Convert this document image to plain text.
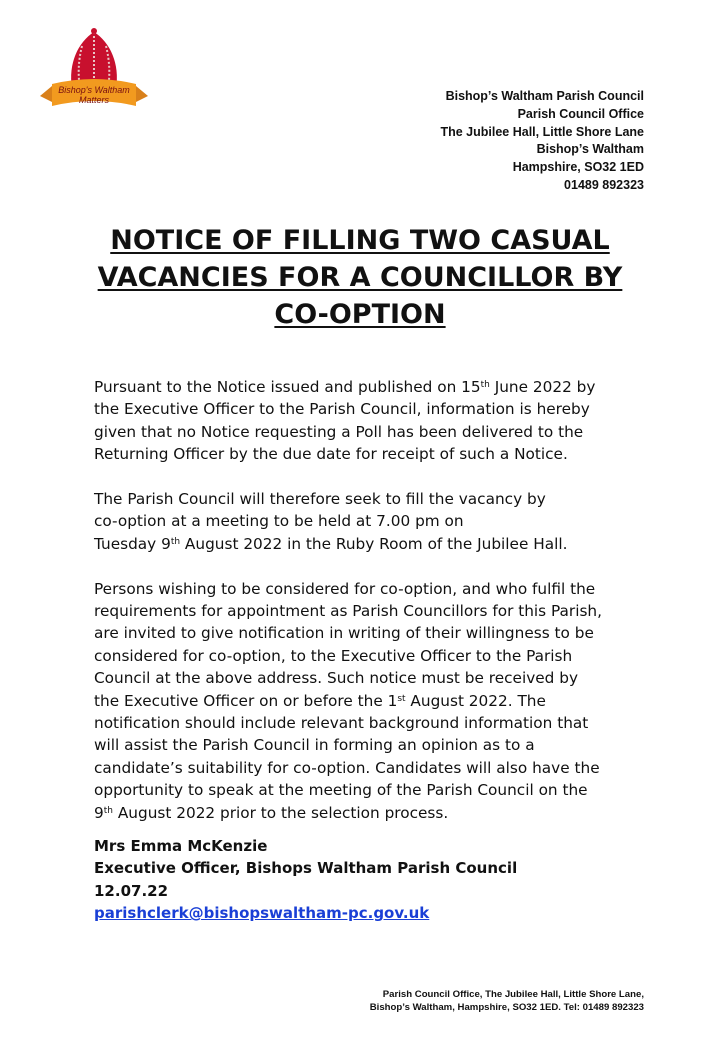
Bishop's Waltham
Matters	Bishop’s Waltham Parish Council
Parish Council Office
The Jubilee Hall, Little Shore Lane
Bishop’s Waltham
Hampshire, SO32 1ED
01489 892323
NOTICE OF FILLING TWO CASUAL
VACANCIES FOR A COUNCILLOR BY
CO-OPTION
Pursuant to the Notice issued and published on 15th June 2022 by
the Executive Officer to the Parish Council, information is hereby
given that no Notice requesting a Poll has been delivered to the
Returning Officer by the due date for receipt of such a Notice.
The Parish Council will therefore seek to fill the vacancy by
co-option at a meeting to be held at 7.00 pm on
Tuesday 9th August 2022 in the Ruby Room of the Jubilee Hall.
Persons wishing to be considered for co-option, and who fulfil the
requirements for appointment as Parish Councillors for this Parish,
are invited to give notification in writing of their willingness to be
considered for co-option, to the Executive Officer to the Parish
Council at the above address. Such notice must be received by
the Executive Officer on or before the 1st August 2022. The
notification should include relevant background information that
will assist the Parish Council in forming an opinion as to a
candidate’s suitability for co-option. Candidates will also have the
opportunity to speak at the meeting of the Parish Council on the
9th August 2022 prior to the selection process.
Mrs Emma McKenzie
Executive Officer, Bishops Waltham Parish Council
12.07.22
parishclerk@bishopswaltham-pc.gov.uk
Parish Council Office, The Jubilee Hall, Little Shore Lane,
Bishop’s Waltham, Hampshire, SO32 1ED. Tel: 01489 892323
